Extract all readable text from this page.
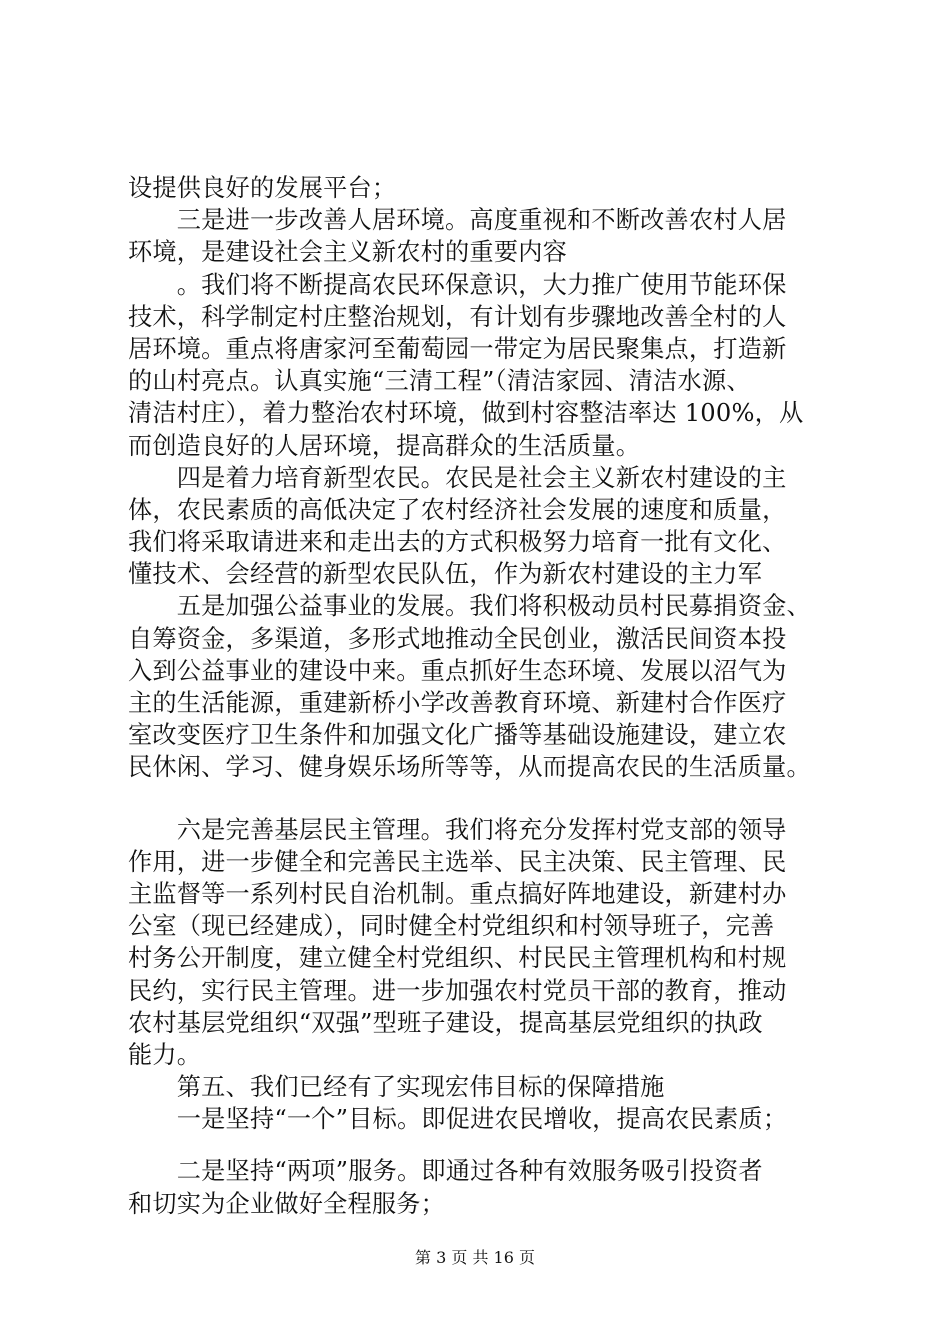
设提供良好的发展平台；
　　三是进一步改善人居环境。高度重视和不断改善农村人居
环境，是建设社会主义新农村的重要内容
　　。我们将不断提高农民环保意识，大力推广使用节能环保
技术，科学制定村庄整治规划，有计划有步骤地改善全村的人
居环境。重点将唐家河至葡萄园一带定为居民聚集点，打造新
的山村亮点。认真实施“三清工程”（清洁家园、清洁水源、
清洁村庄），着力整治农村环境，做到村容整洁率达 100%，从
而创造良好的人居环境，提高群众的生活质量。
　　四是着力培育新型农民。农民是社会主义新农村建设的主
体，农民素质的高低决定了农村经济社会发展的速度和质量，
我们将采取请进来和走出去的方式积极努力培育一批有文化、
懂技术、会经营的新型农民队伍，作为新农村建设的主力军
　　五是加强公益事业的发展。我们将积极动员村民募捐资金、
自筹资金，多渠道，多形式地推动全民创业，激活民间资本投
入到公益事业的建设中来。重点抓好生态环境、发展以沼气为
主的生活能源，重建新桥小学改善教育环境、新建村合作医疗
室改变医疗卫生条件和加强文化广播等基础设施建设，建立农
民休闲、学习、健身娱乐场所等等，从而提高农民的生活质量。
　　六是完善基层民主管理。我们将充分发挥村党支部的领导
作用，进一步健全和完善民主选举、民主决策、民主管理、民
主监督等一系列村民自治机制。重点搞好阵地建设，新建村办
公室（现已经建成），同时健全村党组织和村领导班子，完善
村务公开制度，建立健全村党组织、村民民主管理机构和村规
民约，实行民主管理。进一步加强农村党员干部的教育，推动
农村基层党组织“双强”型班子建设，提高基层党组织的执政
能力。
　　第五、我们已经有了实现宏伟目标的保障措施
　　一是坚持“一个”目标。即促进农民增收，提高农民素质；
　　二是坚持“两项”服务。即通过各种有效服务吸引投资者
和切实为企业做好全程服务；
第 3 页 共 16 页
